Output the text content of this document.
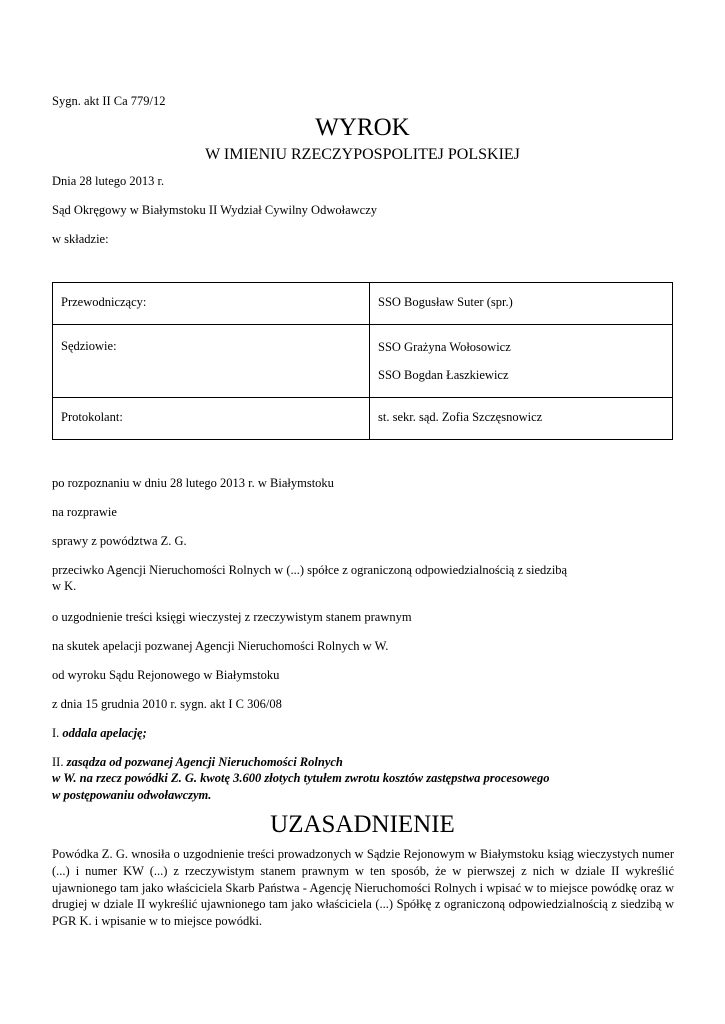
Sygn. akt II Ca 779/12
WYROK
W IMIENIU RZECZYPOSPOLITEJ POLSKIEJ
Dnia 28 lutego 2013 r.
Sąd Okręgowy w Białymstoku II Wydział Cywilny Odwoławczy
w składzie:
Przewodniczący:	SSO Bogusław Suter (spr.)
Sędziowie:	SSO Grażyna Wołosowicz
SSO Bogdan Łaszkiewicz

Protokolant:	st. sekr. sąd. Zofia Szczęsnowicz
po rozpoznaniu w dniu 28 lutego 2013 r. w Białymstoku
na rozprawie
sprawy z powództwa Z. G.
przeciwko Agencji Nieruchomości Rolnych w (...) spółce z ograniczoną odpowiedzialnością z siedzibą
w K.
o uzgodnienie treści księgi wieczystej z rzeczywistym stanem prawnym
na skutek apelacji pozwanej Agencji Nieruchomości Rolnych w W.
od wyroku Sądu Rejonowego w Białymstoku
z dnia 15 grudnia 2010 r. sygn. akt I C 306/08
I. oddala apelację;
II. zasądza od pozwanej Agencji Nieruchomości Rolnych
w W. na rzecz powódki Z. G. kwotę 3.600 złotych tytułem zwrotu kosztów zastępstwa procesowego
w postępowaniu odwoławczym.
UZASADNIENIE
Powódka Z. G. wnosiła o uzgodnienie treści prowadzonych w Sądzie Rejonowym w Białymstoku ksiąg wieczystych numer (...) i numer KW (...) z rzeczywistym stanem prawnym w ten sposób, że w pierwszej z nich w dziale II wykreślić ujawnionego tam jako właściciela Skarb Państwa - Agencję Nieruchomości Rolnych i wpisać w to miejsce powódkę oraz w drugiej w dziale II wykreślić ujawnionego tam jako właściciela (...) Spółkę z ograniczoną odpowiedzialnością z siedzibą w PGR K. i wpisanie w to miejsce powódki.
